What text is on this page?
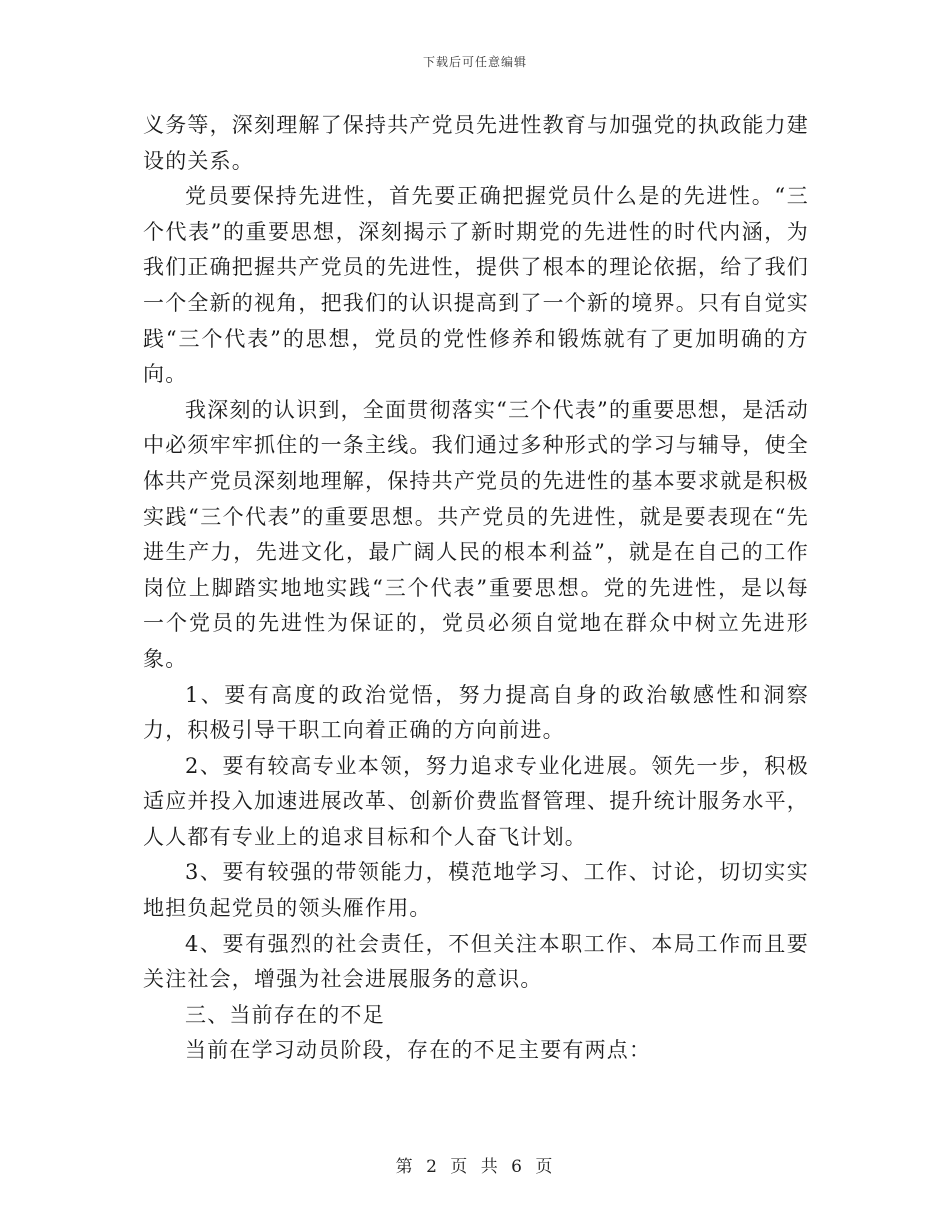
下载后可任意编辑

义务等，深刻理解了保持共产党员先进性教育与加强党的执政能力建设的关系。

党员要保持先进性，首先要正确把握党员什么是的先进性。“三个代表”的重要思想，深刻揭示了新时期党的先进性的时代内涵，为我们正确把握共产党员的先进性，提供了根本的理论依据，给了我们一个全新的视角，把我们的认识提高到了一个新的境界。只有自觉实践“三个代表”的思想，党员的党性修养和锻炼就有了更加明确的方向。

我深刻的认识到，全面贯彻落实“三个代表”的重要思想，是活动中必须牢牢抓住的一条主线。我们通过多种形式的学习与辅导，使全体共产党员深刻地理解，保持共产党员的先进性的基本要求就是积极实践“三个代表”的重要思想。共产党员的先进性，就是要表现在“先进生产力，先进文化，最广阔人民的根本利益”，就是在自己的工作岗位上脚踏实地地实践“三个代表”重要思想。党的先进性，是以每一个党员的先进性为保证的，党员必须自觉地在群众中树立先进形象。

1、要有高度的政治觉悟，努力提高自身的政治敏感性和洞察力，积极引导干职工向着正确的方向前进。

2、要有较高专业本领，努力追求专业化进展。领先一步，积极适应并投入加速进展改革、创新价费监督管理、提升统计服务水平，人人都有专业上的追求目标和个人奋飞计划。

3、要有较强的带领能力，模范地学习、工作、讨论，切切实实地担负起党员的领头雁作用。

4、要有强烈的社会责任，不但关注本职工作、本局工作而且要关注社会，增强为社会进展服务的意识。

三、当前存在的不足

当前在学习动员阶段，存在的不足主要有两点：

第 2 页 共 6 页
